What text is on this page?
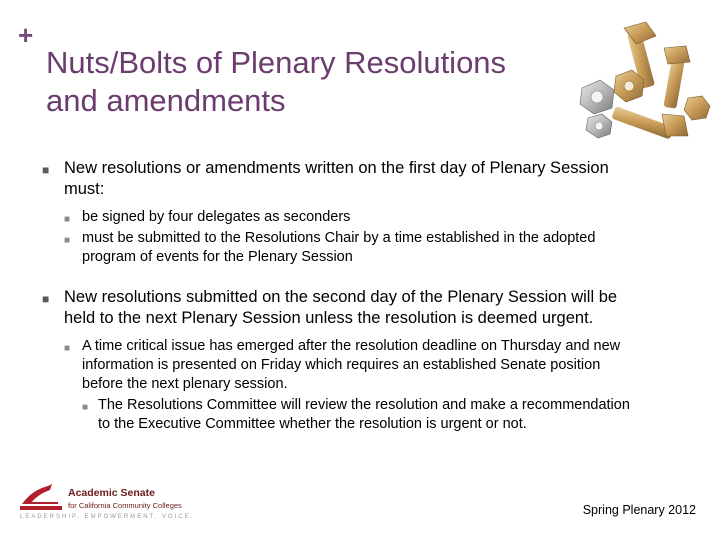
+
Nuts/Bolts of Plenary Resolutions
and amendments
■ New resolutions or amendments written on the first day of Plenary Session must:
■ be signed by four delegates as seconders
■ must be submitted to the Resolutions Chair by a time established in the adopted program of events for the Plenary Session
■ New resolutions submitted on the second day of the Plenary Session will be held to the next Plenary Session unless the resolution is deemed urgent.
■ A time critical issue has emerged after the resolution deadline on Thursday and new information is presented on Friday which requires an established Senate position before the next plenary session.
■ The Resolutions Committee will review the resolution and make a recommendation to the Executive Committee whether the resolution is urgent or not.
Academic Senate
for California Community Colleges
LEADERSHIP. EMPOWERMENT. VOICE.	Spring Plenary 2012
